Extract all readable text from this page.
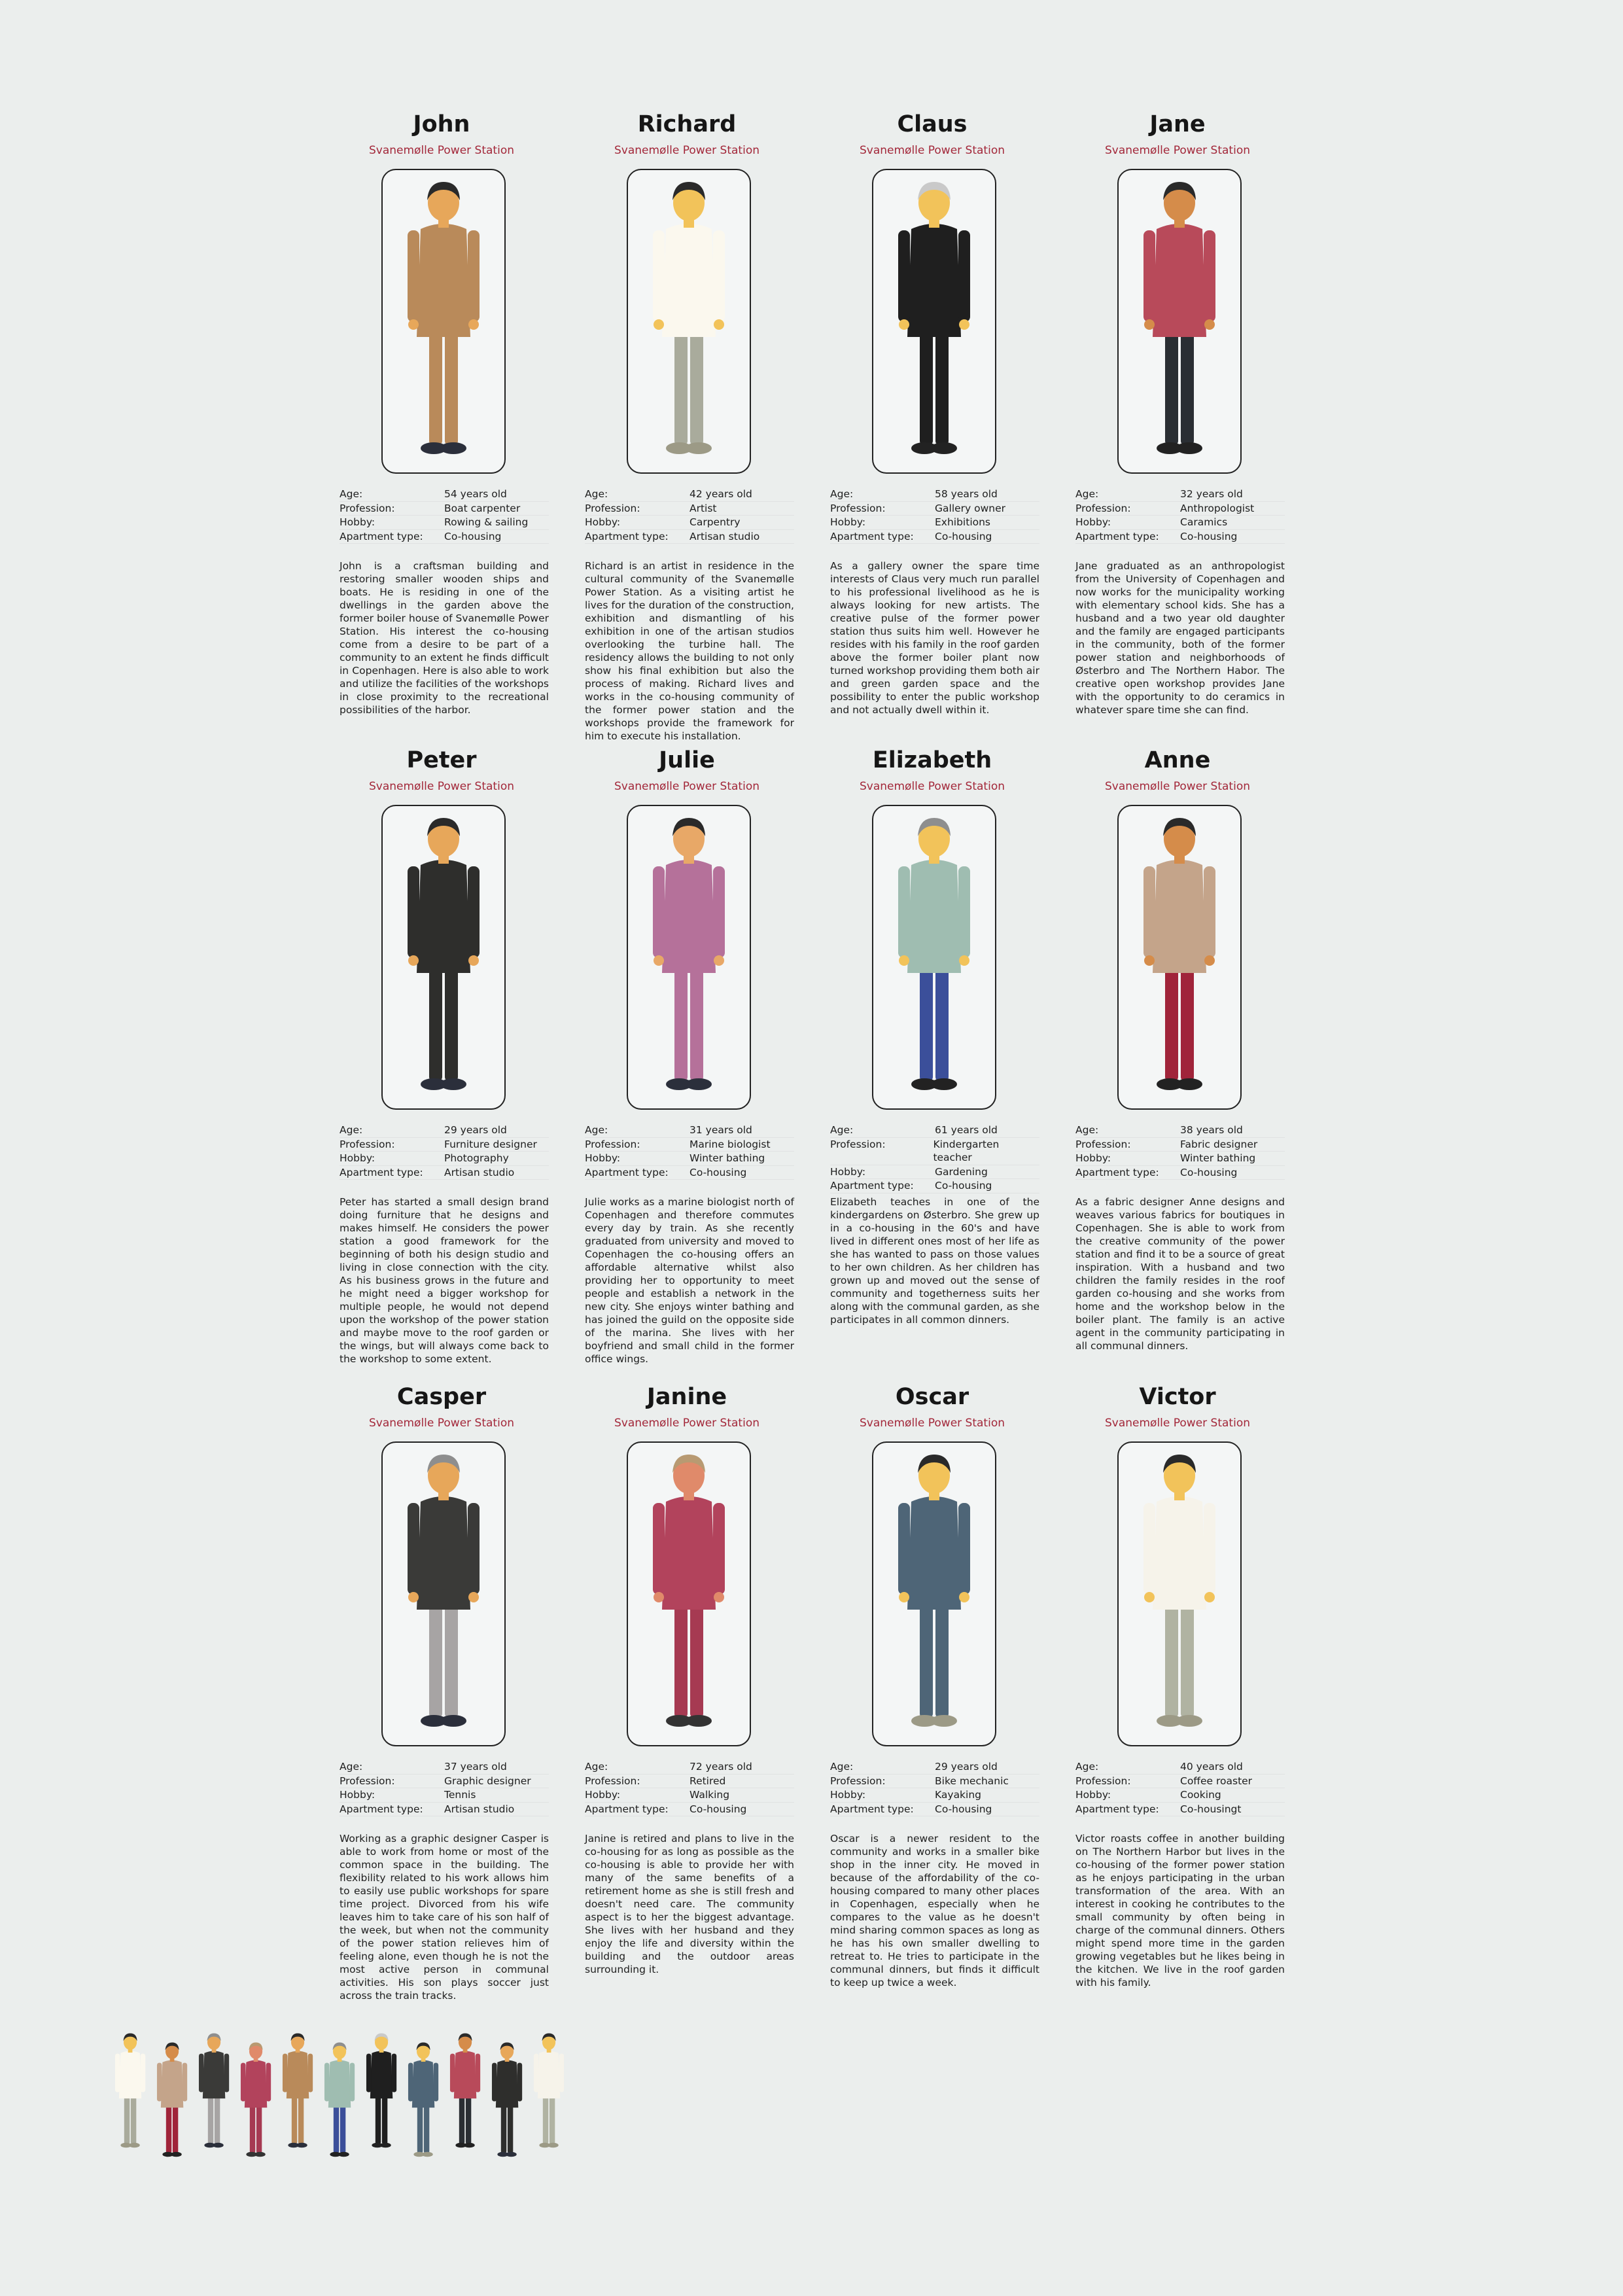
John
Svanemølle Power Station
Age:	54 years old
Profession:	Boat carpenter
Hobby:	Rowing & sailing
Apartment type:	Co-housing
John is a craftsman building and restoring smaller wooden ships and boats. He is residing in one of the dwellings in the garden above the former boiler house of Svanemølle Power Station. His interest the co-housing come from a desire to be part of a community to an extent he finds difficult in Copenhagen. Here is also able to work and utilize the facilities of the workshops in close proximity to the recreational possibilities of the harbor.
Richard
Svanemølle Power Station
Age:	42 years old
Profession:	Artist
Hobby:	Carpentry
Apartment type:	Artisan studio
Richard is an artist in residence in the cultural community of the Svanemølle Power Station. As a visiting artist he lives for the duration of the construction, exhibition and dismantling of his exhibition in one of the artisan studios overlooking the turbine hall. The residency allows the building to not only show his final exhibition but also the process of making. Richard lives and works in the co-housing community of the former power station and the workshops provide the framework for him to execute his installation.
Claus
Svanemølle Power Station
Age:	58 years old
Profession:	Gallery owner
Hobby:	Exhibitions
Apartment type:	Co-housing
As a gallery owner the spare time interests of Claus very much run parallel to his professional livelihood as he is always looking for new artists. The creative pulse of the former power station thus suits him well. However he resides with his family in the roof garden above the former boiler plant now turned workshop providing them both air and green garden space and the possibility to enter the public workshop and not actually dwell within it.
Jane
Svanemølle Power Station
Age:	32 years old
Profession:	Anthropologist
Hobby:	Caramics
Apartment type:	Co-housing
Jane graduated as an anthropologist from the University of Copenhagen and now works for the municipality working with elementary school kids. She has a husband and a two year old daughter and the family are engaged participants in the community, both of the former power station and neighborhoods of Østerbro and The Northern Habor. The creative open workshop provides Jane with the opportunity to do ceramics in whatever spare time she can find.
Peter
Svanemølle Power Station
Age:	29 years old
Profession:	Furniture designer
Hobby:	Photography
Apartment type:	Artisan studio
Peter has started a small design brand doing furniture that he designs and makes himself. He considers the power station a good framework for the beginning of both his design studio and living in close connection with the city. As his business grows in the future and he might need a bigger workshop for multiple people, he would not depend upon the workshop of the power station and maybe move to the roof garden or the wings, but will always come back to the workshop to some extent.
Julie
Svanemølle Power Station
Age:	31 years old
Profession:	Marine biologist
Hobby:	Winter bathing
Apartment type:	Co-housing
Julie works as a marine biologist north of Copenhagen and therefore commutes every day by train. As she recently graduated from university and moved to Copenhagen the co-housing offers an affordable alternative whilst also providing her to opportunity to meet people and establish a network in the new city. She enjoys winter bathing and has joined the guild on the opposite side of the marina. She lives with her boyfriend and small child in the former office wings.
Elizabeth
Svanemølle Power Station
Age:	61 years old
Profession:	Kindergarten teacher
Hobby:	Gardening
Apartment type:	Co-housing
Elizabeth teaches in one of the kindergardens on Østerbro. She grew up in a co-housing in the 60's and have lived in different ones most of her life as she has wanted to pass on those values to her own children. As her children has grown up and moved out the sense of community and togetherness suits her along with the communal garden, as she participates in all common dinners.
Anne
Svanemølle Power Station
Age:	38 years old
Profession:	Fabric designer
Hobby:	Winter bathing
Apartment type:	Co-housing
As a fabric designer Anne designs and weaves various fabrics for boutiques in Copenhagen. She is able to work from the creative community of the power station and find it to be a source of great inspiration. With a husband and two children the family resides in the roof garden co-housing and she works from home and the workshop below in the boiler plant. The family is an active agent in the community participating in all communal dinners.
Casper
Svanemølle Power Station
Age:	37 years old
Profession:	Graphic designer
Hobby:	Tennis
Apartment type:	Artisan studio
Working as a graphic designer Casper is able to work from home or most of the common space in the building. The flexibility related to his work allows him to easily use public workshops for spare time project. Divorced from his wife leaves him to take care of his son half of the week, but when not the community of the power station relieves him of feeling alone, even though he is not the most active person in communal activities. His son plays soccer just across the train tracks.
Janine
Svanemølle Power Station
Age:	72 years old
Profession:	Retired
Hobby:	Walking
Apartment type:	Co-housing
Janine is retired and plans to live in the co-housing for as long as possible as the co-housing is able to provide her with many of the same benefits of a retirement home as she is still fresh and doesn't need care. The community aspect is to her the biggest advantage. She lives with her husband and they enjoy the life and diversity within the building and the outdoor areas surrounding it.
Oscar
Svanemølle Power Station
Age:	29 years old
Profession:	Bike mechanic
Hobby:	Kayaking
Apartment type:	Co-housing
Oscar is a newer resident to the community and works in a smaller bike shop in the inner city. He moved in because of the affordability of the co-housing compared to many other places in Copenhagen, especially when he compares to the value as he doesn't mind sharing common spaces as long as he has his own smaller dwelling to retreat to. He tries to participate in the communal dinners, but finds it difficult to keep up twice a week.
Victor
Svanemølle Power Station
Age:	40 years old
Profession:	Coffee roaster
Hobby:	Cooking
Apartment type:	Co-housingt
Victor roasts coffee in another building on The Northern Harbor but lives in the co-housing of the former power station as he enjoys participating in the urban transformation of the area. With an interest in cooking he contributes to the small community by often being in charge of the communal dinners. Others might spend more time in the garden growing vegetables but he likes being in the kitchen. We live in the roof garden with his family.
